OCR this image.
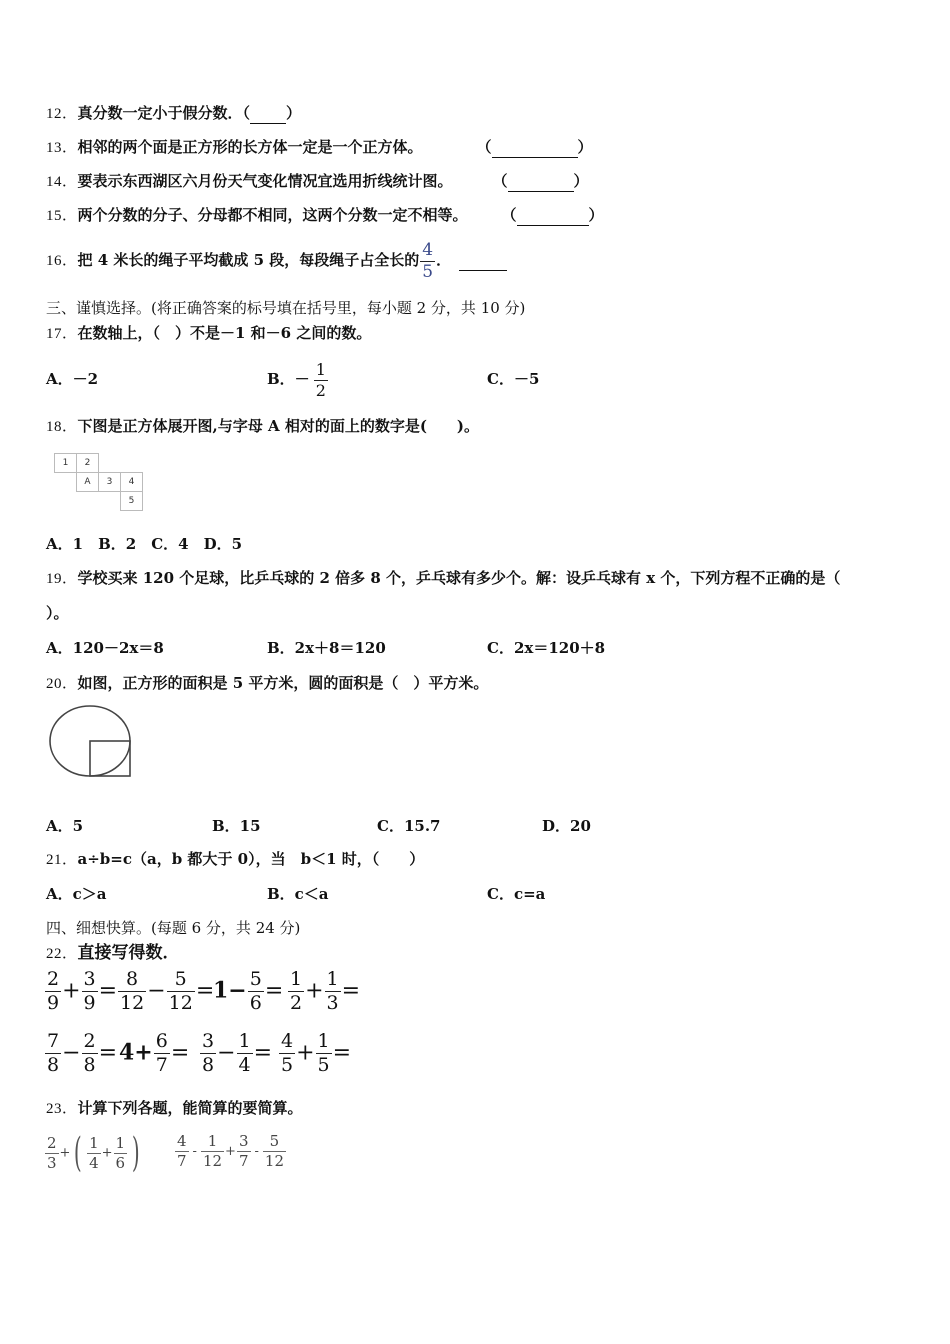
12．真分数一定小于假分数．（ ）
13．相邻的两个面是正方形的长方体一定是一个正方体。	（	）
14．要表示东西湖区六月份天气变化情况宜选用折线统计图。	（	）
15．两个分数的分子、分母都不相同，这两个分数一定不相等。 （	）
16．把 4 米长的绳子平均截成 5 段，每段绳子占全长的 $\frac{4}{5}$ ．
三、谨慎选择。(将正确答案的标号填在括号里，每小题 2 分，共 10 分)
17．在数轴上，（　）不是－1 和－6 之间的数。
A．－2	B．－ $\frac{1}{2}$	C．－5
18．下图是正方体展开图,与字母 A 相对的面上的数字是(　　)。
1	2		
	A	3	4
			5
A．1　B．2　C．4　D．5
19．学校买来 120 个足球，比乒乓球的 2 倍多 8 个，乒乓球有多少个。解：设乒乓球有 x 个，下列方程不正确的是（
）。
A．120－2x＝8	B．2x＋8＝120	C．2x＝120＋8
20．如图，正方形的面积是 5 平方米，圆的面积是（　）平方米。
A．5	B．15	C．15.7	D．20
21．a÷b=c（a，b 都大于 0），当　b＜1 时，（　　）
A．c＞a	B．c＜a	C．c=a
四、细想快算。(每题 6 分，共 24 分)
22．直接写得数．
$\frac{2}{9} + \frac{3}{9} = \frac{8}{12} - \frac{5}{12}$ =
$1- \frac{5}{6} = \frac{1}{2} + \frac{1}{3}$ =
$\frac{7}{8} - \frac{2}{8} = 4+ \frac{6}{7} = \frac{3}{8} - \frac{1}{4} = \frac{4}{5} + \frac{1}{5}$ =
23．计算下列各题，能简算的要简算。
$\frac{2}{3}$ +( $\frac{1}{4} + \frac{1}{6}$ ) $\frac{4}{7} - \frac{1}{12} + \frac{3}{7} - \frac{5}{12}$
